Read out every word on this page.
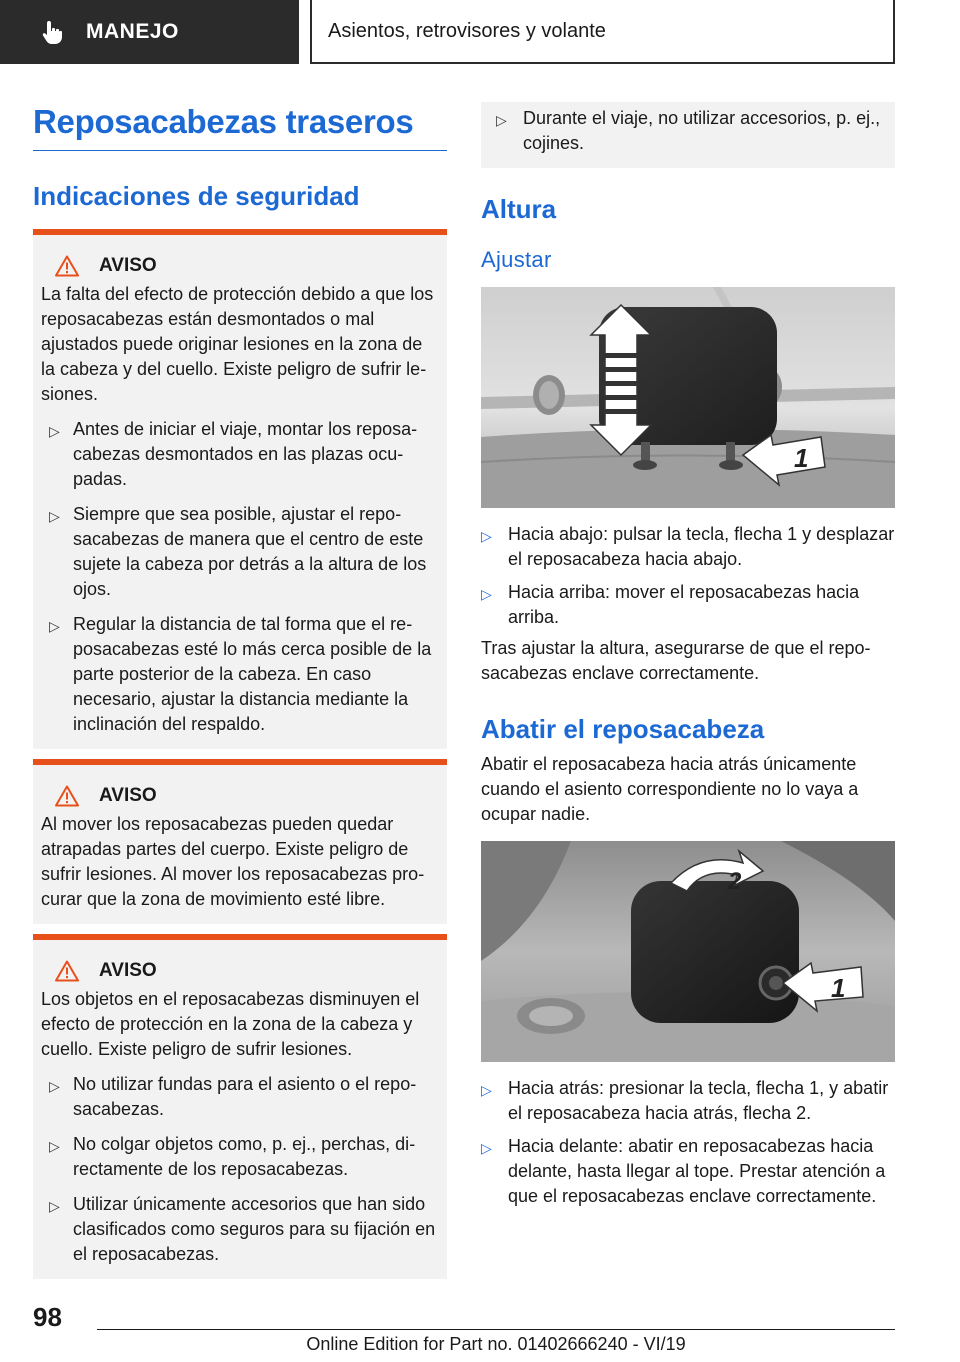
MANEJO	Asientos, retrovisores y volante
Reposacabezas traseros
Indicaciones de seguridad
AVISO

La falta del efecto de protección debido a que los reposacabezas están desmontados o mal ajustados puede originar lesiones en la zona de la cabeza y del cuello. Existe peligro de sufrir lesiones.

▷ Antes de iniciar el viaje, montar los reposacabezas desmontados en las plazas ocupadas.
▷ Siempre que sea posible, ajustar el reposacabezas de manera que el centro de este sujete la cabeza por detrás a la altura de los ojos.
▷ Regular la distancia de tal forma que el reposacabezas esté lo más cerca posible de la parte posterior de la cabeza. En caso necesario, ajustar la distancia mediante la inclinación del respaldo.
AVISO

Al mover los reposacabezas pueden quedar atrapadas partes del cuerpo. Existe peligro de sufrir lesiones. Al mover los reposacabezas procurar que la zona de movimiento esté libre.

AVISO

Los objetos en el reposacabezas disminuyen el efecto de protección en la zona de la cabeza y cuello. Existe peligro de sufrir lesiones.

▷ No utilizar fundas para el asiento o el reposacabezas.
▷ No colgar objetos como, p. ej., perchas, directamente de los reposacabezas.
▷ Utilizar únicamente accesorios que han sido clasificados como seguros para su fijación en el reposacabezas.
▷ Durante el viaje, no utilizar accesorios, p. ej., cojines.
Altura
Ajustar
1
▷ Hacia abajo: pulsar la tecla, flecha 1 y desplazar el reposacabeza hacia abajo.
▷ Hacia arriba: mover el reposacabezas hacia arriba.

Tras ajustar la altura, asegurarse de que el reposacabezas enclave correctamente.

Abatir el reposacabeza

Abatir el reposacabeza hacia atrás únicamente cuando el asiento correspondiente no lo vaya a ocupar nadie.

2
1
▷ Hacia atrás: presionar la tecla, flecha 1, y abatir el reposacabeza hacia atrás, flecha 2.
▷ Hacia delante: abatir en reposacabezas hacia delante, hasta llegar al tope. Prestar atención a que el reposacabezas enclave correctamente.
98
Online Edition for Part no. 01402666240 - VI/19
